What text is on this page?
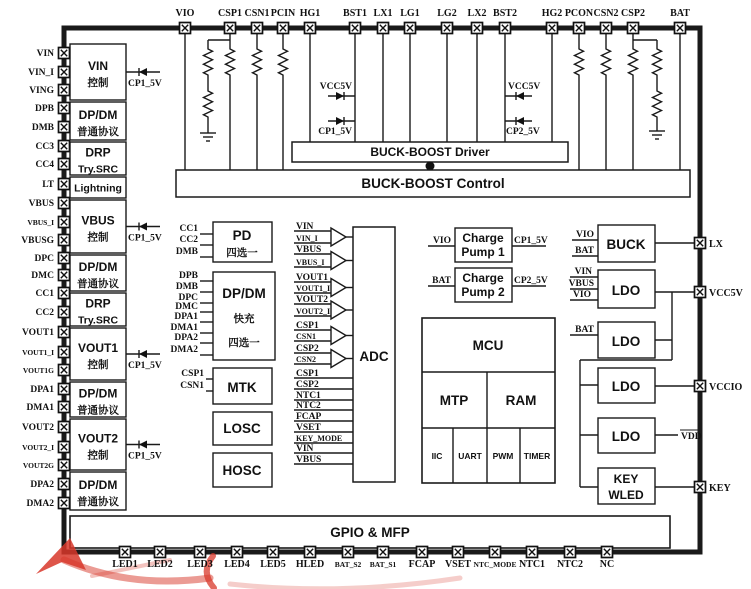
VCC5V
CP1_5V
VCC5V
CP2_5V
BUCK-BOOST Driver
BUCK-BOOST Control
VIN
控制 CP1_5V
DP/DM
普通协议
DRP
Try.SRC
Lightning
VBUS
控制 CP1_5V
DP/DM
普通协议
DRP
Try.SRC
VOUT1
控制 CP1_5V
DP/DM
普通协议
VOUT2
控制 CP1_5V
DP/DM
普通协议
PD
四选一
CC1
CC2
DMB
DP/DM
快充
四选一
DPB
DMB
DPC
DMC
DPA1
DMA1
DPA2
DMA2
MTK
CSP1
CSN1
LOSC
HOSC
ADC
VIN
VIN_I
VBUS
VBUS_I
VOUT1
VOUT1_I
VOUT2
VOUT2_I
CSP1
CSN1
CSP2
CSN2
CSP1
CSP2
NTC1
NTC2
FCAP
VSET
KEY_MODE
VIN
VBUS
Charge
Pump 1
VIO	CP1_5V
Charge
Pump 2
BAT	CP2_5V
MCU
MTP	RAM
IIC UART PWM TIMER
BUCK
VIO
BAT
LDO
VIN
VBUS
VIO
LDO
BAT
LDO
LDO	VDD
KEY
WLED
GPIO & MFP
VIO CSP1 CSN1 PCIN HG1 BST1 LX1 LG1 LG2 LX2 BST2 HG2 PCON CSN2 CSP2	BAT
VIN
VIN_I
VING
DPB
DMB
CC3
CC4
LT
VBUS
VBUS_I
VBUSG
DPC
DMC
CC1
CC2
VOUT1
VOUT1_I
VOUT1G
DPA1
DMA1
VOUT2
VOUT2_I
VOUT2G
DPA2
DMA2
LED1 LED2 LED3 LED4 LED5 HLED BAT_S2 BAT_S1 FCAP VSET NTC_MODE NTC1 NTC2 NC
LX
VCC5V
VCCIO
KEY
